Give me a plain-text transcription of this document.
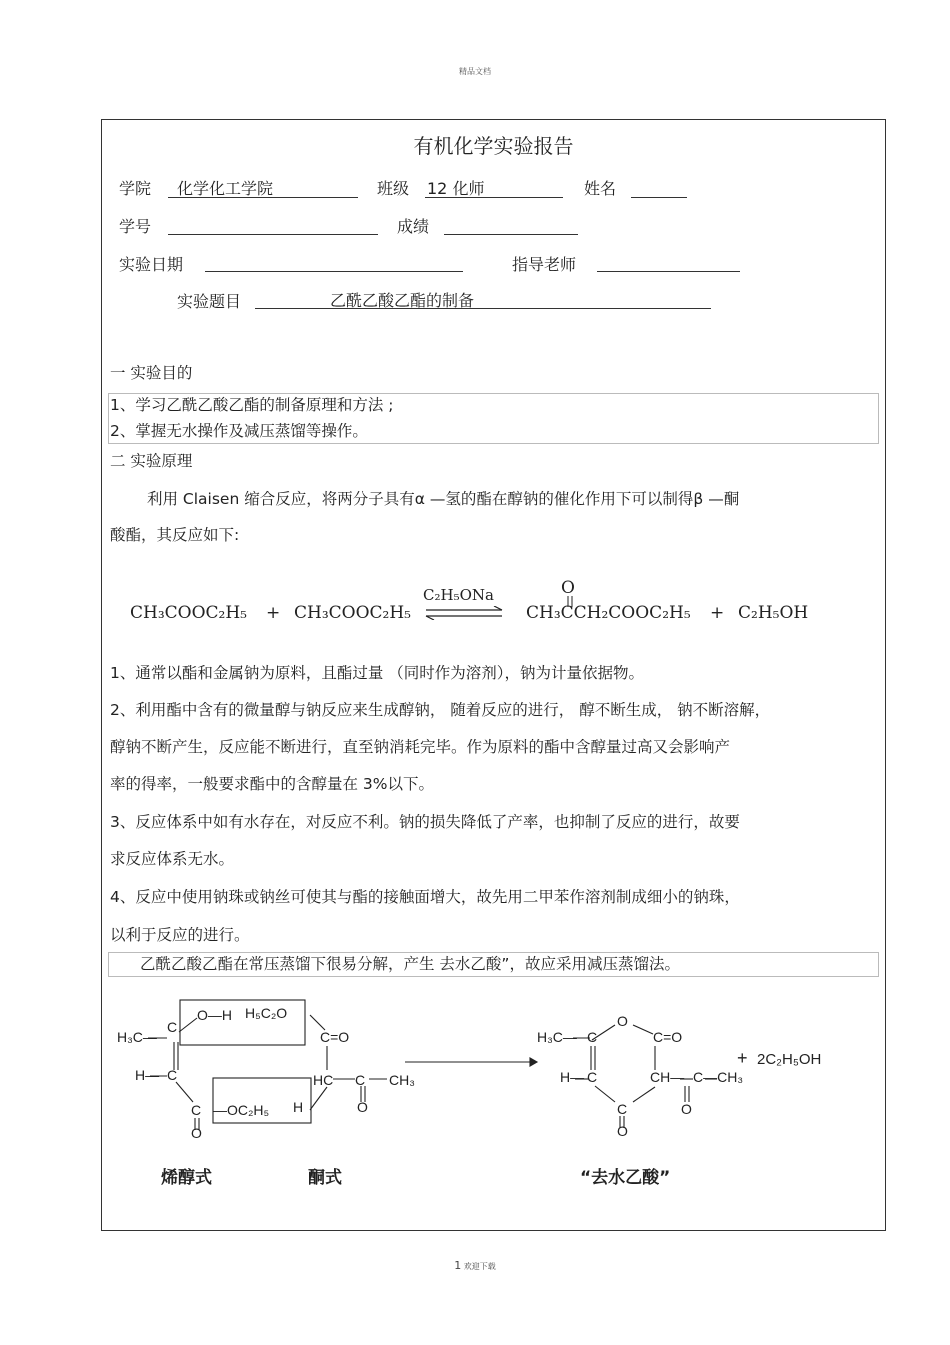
精品文档
有机化学实验报告
学院 化学化工学院	班级 12 化师	姓名
学号	成绩
实验日期	指导老师
实验题目	乙酰乙酸乙酯的制备
一 实验目的
1、学习乙酰乙酸乙酯的制备原理和方法 ;
2、掌握无水操作及减压蒸馏等操作。
二 实验原理
利用 Claisen 缩合反应，将两分子具有α —氢的酯在醇钠的催化作用下可以制得β —酮
酸酯，其反应如下:
CH₃COOC₂H₅ + CH₃COOC₂H₅
C₂H₅ONa	O
CH₃CCH₂COOC₂H₅ + C₂H₅OH
1、通常以酯和金属钠为原料，且酯过量 （同时作为溶剂），钠为计量依据物。
2、利用酯中含有的微量醇与钠反应来生成醇钠， 随着反应的进行， 醇不断生成， 钠不断溶解，
醇钠不断产生，反应能不断进行，直至钠消耗完毕。作为原料的酯中含醇量过高又会影响产
率的得率，一般要求酯中的含醇量在 3%以下。
3、反应体系中如有水存在，对反应不利。钠的损失降低了产率，也抑制了反应的进行，故要
求反应体系无水。
4、反应中使用钠珠或钠丝可使其与酯的接触面增大，故先用二甲苯作溶剂制成细小的钠珠，
以利于反应的进行。
乙酰乙酸乙酯在常压蒸馏下很易分解，产生 去水乙酸”，故应采用减压蒸馏法。
H₃C—
C
O—H H₅C₂O
C=O
H— C	HC C CH₃
C —OC₂H₅ H	O
O
H₃C— C
O
C=O
H— C	CH— C—CH₃
C	O
O
+ 2C₂H₅OH
烯醇式	酮式	“去水乙酸”
1 欢迎下载
